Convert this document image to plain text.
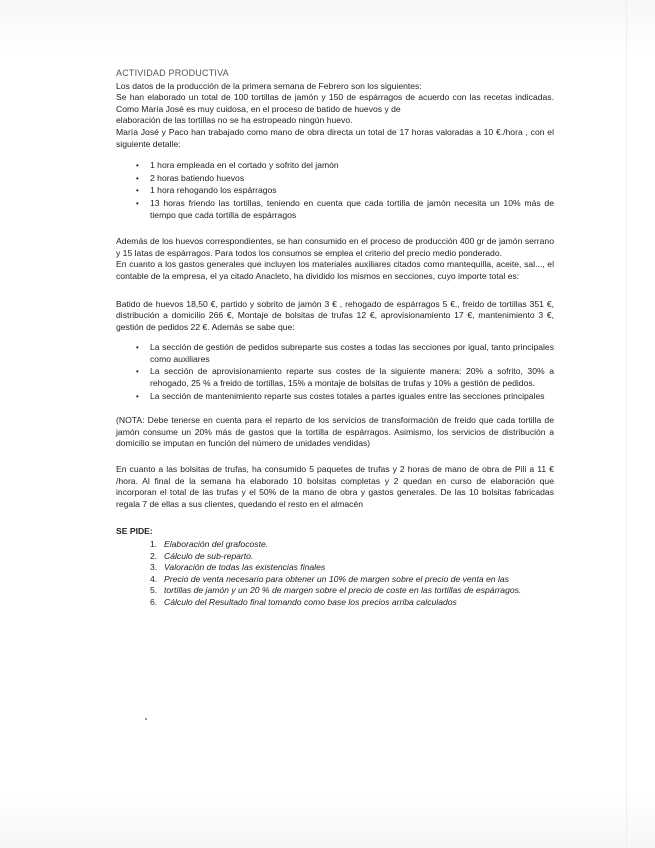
ACTIVIDAD PRODUCTIVA

Los datos de la producción de la primera semana de Febrero son los siguientes:

Se han elaborado un total de 100 tortillas de jamón y 150 de espárragos de acuerdo con las recetas indicadas. Como María José es muy cuidosa, en el proceso de batido de huevos y de

elaboración de las tortillas no se ha estropeado ningún huevo.

María José y Paco han trabajado como mano de obra directa un total de 17 horas valoradas a 10 €./hora , con el siguiente detalle:

• 1 hora empleada en el cortado y sofrito del jamón
• 2 horas batiendo huevos
• 1 hora rehogando los espárragos
• 13 horas friendo las tortillas, teniendo en cuenta que cada tortilla de jamón necesita un 10% más de tiempo que cada tortilla de espárragos

Además de los huevos correspondientes, se han consumido en el proceso de producción 400 gr de jamón serrano y 15 latas de espárragos. Para todos los consumos se emplea el criterio del precio medio ponderado.

En cuanto a los gastos generales que incluyen los materiales auxiliares citados como mantequilla, aceite, sal..., el contable de la empresa, el ya citado Anacleto, ha dividido los mismos en secciones, cuyo importe total es:

Batido de huevos 18,50 €, partido y sobrito de jamón 3 € , rehogado de espárragos 5 €., freido de tortillas 351 €, distribución a domicilio 266 €, Montaje de bolsitas de trufas 12 €, aprovisionamiento 17 €, mantenimiento 3 €, gestión de pedidos 22 €. Además se sabe que:

• La sección de gestión de pedidos subreparte sus costes a todas las secciones por igual, tanto principales como auxiliares
• La sección de aprovisionamiento reparte sus costes de la siguiente manera: 20% a sofrito, 30% a rehogado, 25 % a freido de tortillas, 15% a montaje de bolsitas de trufas y 10% a gestión de pedidos.
• La sección de mantenimiento reparte sus costes totales a partes iguales entre las secciones principales

(NOTA: Debe tenerse en cuenta para el reparto de los servicios de transformación de freido que cada tortilla de jamón consume un 20% más de gastos que la tortilla de espárragos. Asimismo, los servicios de distribución a domicilio se imputan en función del número de unidades vendidas)

En cuanto a las bolsitas de trufas, ha consumido 5 paquetes de trufas y 2 horas de mano de obra de Pili a 11 € /hora. Al final de la semana ha elaborado 10 bolsitas completas y 2 quedan en curso de elaboración que incorporan el total de las trufas y el 50% de la mano de obra y gastos generales. De las 10 bolsitas fabricadas regala 7 de ellas a sus clientes, quedando el resto en el almacén

SE PIDE:
1. Elaboración del grafocoste.
2. Cálculo de sub-reparto.
3. Valoración de todas las existencias finales
4. Precio de venta necesario para obtener un 10% de margen sobre el precio de venta en las
5. tortillas de jamón y un 20 % de margen sobre el precio de coste en las tortillas de espárragos.
6. Cálculo del Resultado final tomando como base los precios arriba calculados
